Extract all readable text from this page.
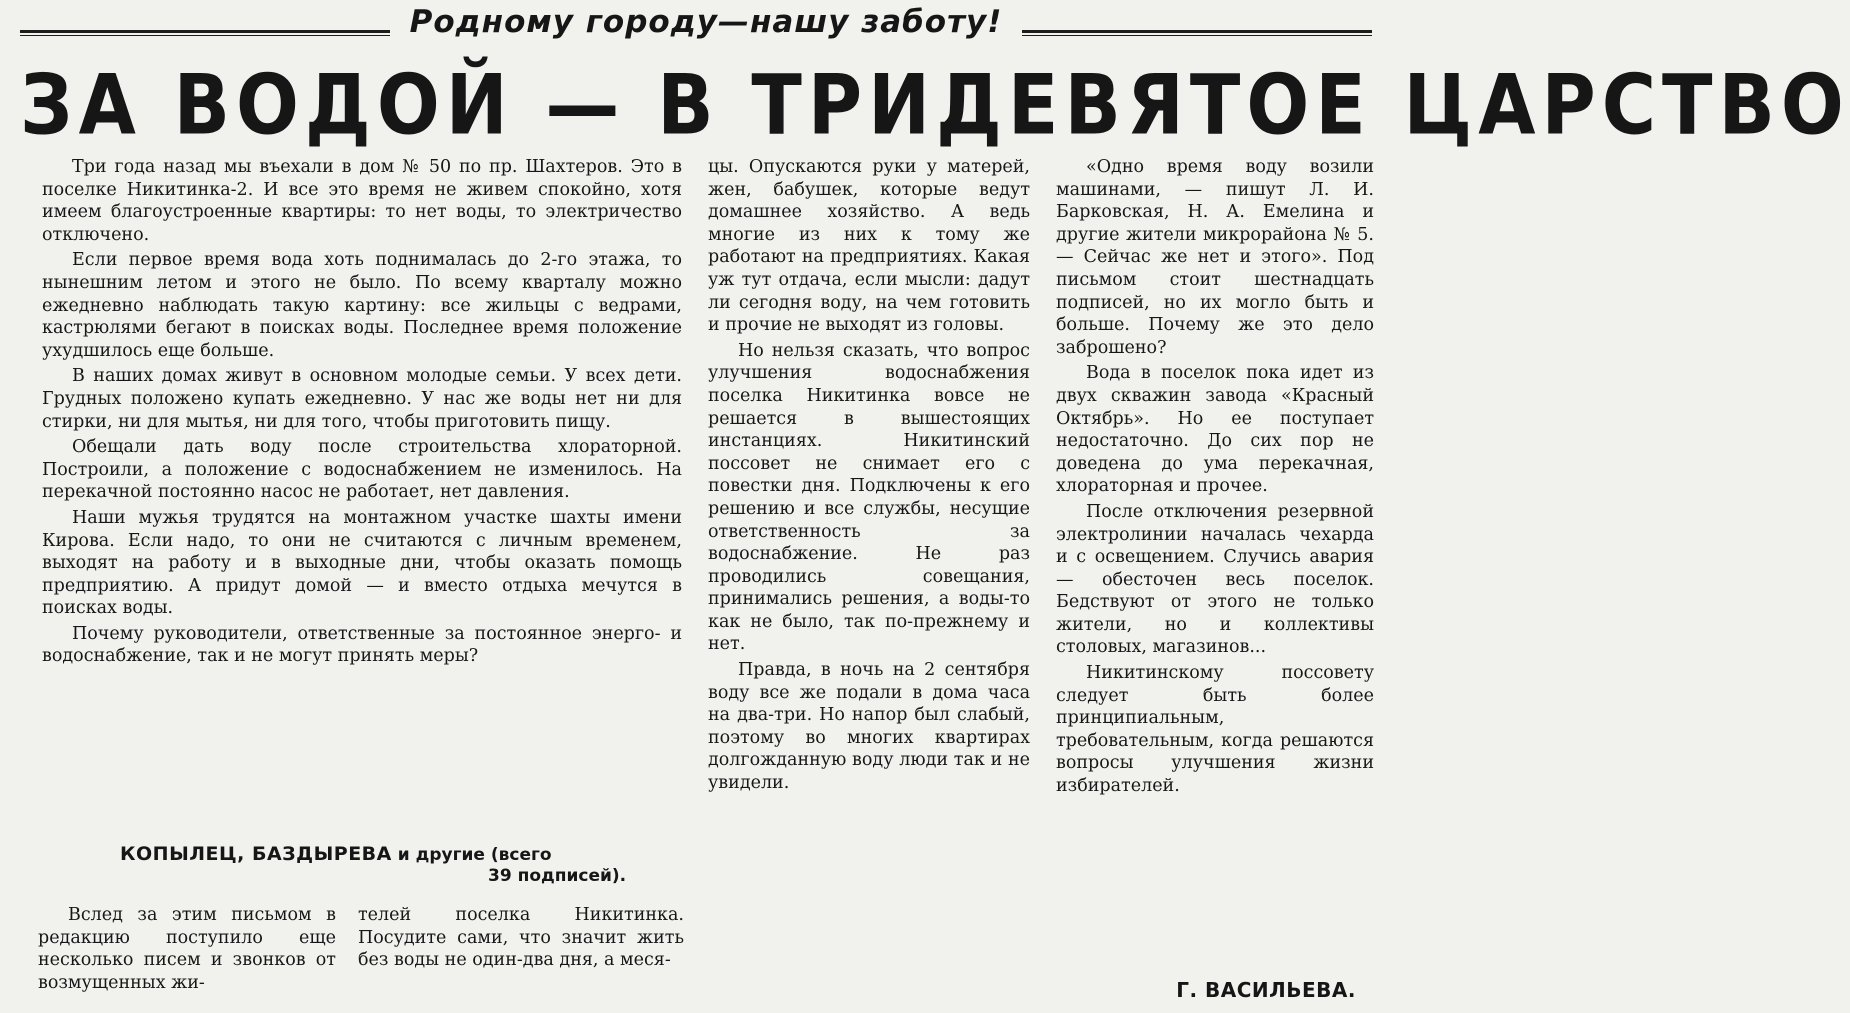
Родному городу—нашу заботу!
ЗА ВОДОЙ — В ТРИДЕВЯТОЕ ЦАРСТВО

Три года назад мы въехали в дом № 50 по пр. Шахтеров. Это в поселке Никитинка-2. И все это время не живем спокойно, хотя имеем благоустроенные квартиры: то нет воды, то электричество отключено.

Если первое время вода хоть поднималась до 2-го этажа, то нынешним летом и этого не было. По всему кварталу можно ежедневно наблюдать такую картину: все жильцы с ведрами, кастрюлями бегают в поисках воды. Последнее время положение ухудшилось еще больше.

В наших домах живут в основном молодые семьи. У всех дети. Грудных положено купать ежедневно. У нас же воды нет ни для стирки, ни для мытья, ни для того, чтобы приготовить пищу.

Обещали дать воду после строительства хлораторной. Построили, а положение с водоснабжением не изменилось. На перекачной постоянно насос не работает, нет давления.

Наши мужья трудятся на монтажном участке шахты имени Кирова. Если надо, то они не считаются с личным временем, выходят на работу и в выходные дни, чтобы оказать помощь предприятию. А придут домой — и вместо отдыха мечутся в поисках воды.

Почему руководители, ответственные за постоянное энерго- и водоснабжение, так и не могут принять меры?

КОПЫЛЕЦ, БАЗДЫРЕВА и другие (всего
39 подписей).

Вслед за этим письмом в редакцию поступило еще несколько писем и звонков от возмущенных жи-

телей поселка Никитинка. Посудите сами, что значит жить без воды не один-два дня, а меся-

цы. Опускаются руки у матерей, жен, бабушек, которые ведут домашнее хозяйство. А ведь многие из них к тому же работают на предприятиях. Какая уж тут отдача, если мысли: дадут ли сегодня воду, на чем готовить и прочие не выходят из головы.

Но нельзя сказать, что вопрос улучшения водоснабжения поселка Никитинка вовсе не решается в вышестоящих инстанциях. Никитинский поссовет не снимает его с повестки дня. Подключены к его решению и все службы, несущие ответственность за водоснабжение. Не раз проводились совещания, принимались решения, а воды-то как не было, так по-прежнему и нет.

Правда, в ночь на 2 сентября воду все же подали в дома часа на два-три. Но напор был слабый, поэтому во многих квартирах долгожданную воду люди так и не увидели.

«Одно время воду возили машинами, — пишут Л. И. Барковская, Н. А. Емелина и другие жители микрорайона № 5. — Сейчас же нет и этого». Под письмом стоит шестнадцать подписей, но их могло быть и больше. Почему же это дело заброшено?

Вода в поселок пока идет из двух скважин завода «Красный Октябрь». Но ее поступает недостаточно. До сих пор не доведена до ума перекачная, хлораторная и прочее.

После отключения резервной электролинии началась чехарда и с освещением. Случись авария — обесточен весь поселок. Бедствуют от этого не только жители, но и коллективы столовых, магазинов...

Никитинскому поссовету следует быть более принципиальным, требовательным, когда решаются вопросы улучшения жизни избирателей.

Г. ВАСИЛЬЕВА.
